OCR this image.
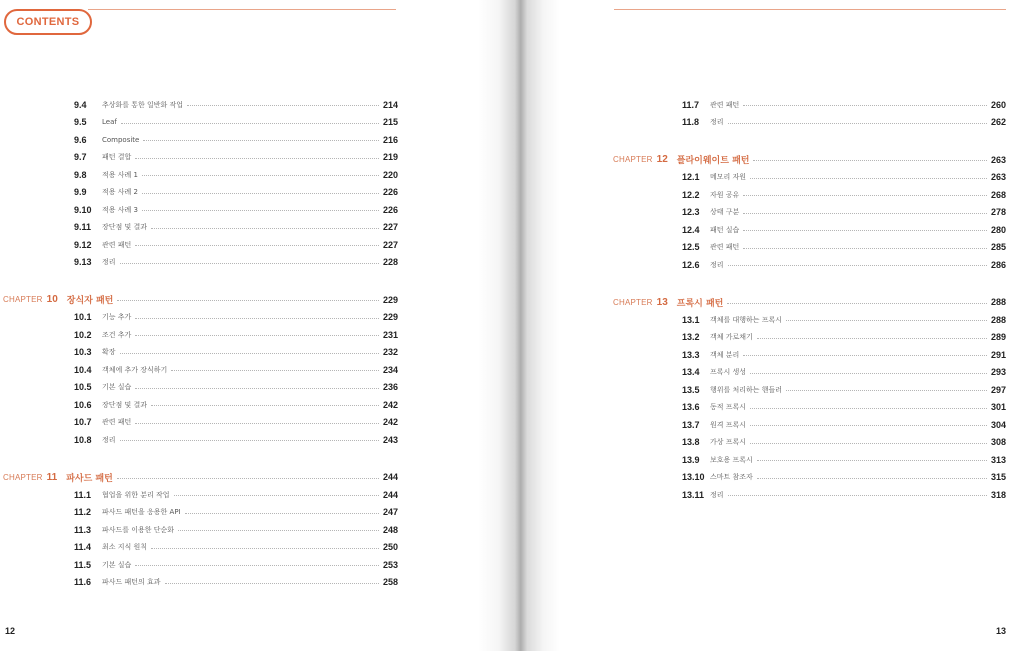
CONTENTS
9.4	추상화를 통한 일반화 작업	214
9.5	Leaf	215
9.6	Composite	216
9.7	패턴 결합	219
9.8	적용 사례 1	220
9.9	적용 사례 2	226
9.10	적용 사례 3	226
9.11	장단점 및 결과	227
9.12	관련 패턴	227
9.13	정리	228
CHAPTER 10 장식자 패턴	229
10.1	기능 추가	229
10.2	조건 추가	231
10.3	확장	232
10.4	객체에 추가 장식하기	234
10.5	기본 실습	236
10.6	장단점 및 결과	242
10.7	관련 패턴	242
10.8	정리	243
CHAPTER 11 파사드 패턴	244
11.1	협업을 위한 분리 작업	244
11.2	파사드 패턴을 응용한 API	247
11.3	파사드를 이용한 단순화	248
11.4	최소 지식 원칙	250
11.5	기본 실습	253
11.6	파사드 패턴의 효과	258
12
11.7	관련 패턴	260
11.8	정리	262
CHAPTER 12 플라이웨이트 패턴	263
12.1	메모리 자원	263
12.2	자원 공유	268
12.3	상태 구분	278
12.4	패턴 실습	280
12.5	관련 패턴	285
12.6	정리	286
CHAPTER 13 프록시 패턴	288
13.1	객체를 대행하는 프록시	288
13.2	객체 가로채기	289
13.3	객체 분리	291
13.4	프록시 생성	293
13.5	행위를 처리하는 핸들러	297
13.6	동적 프록시	301
13.7	원격 프록시	304
13.8	가상 프록시	308
13.9	보호용 프록시	313
13.10 스마트 참조자	315
13.11 정리	318
13
